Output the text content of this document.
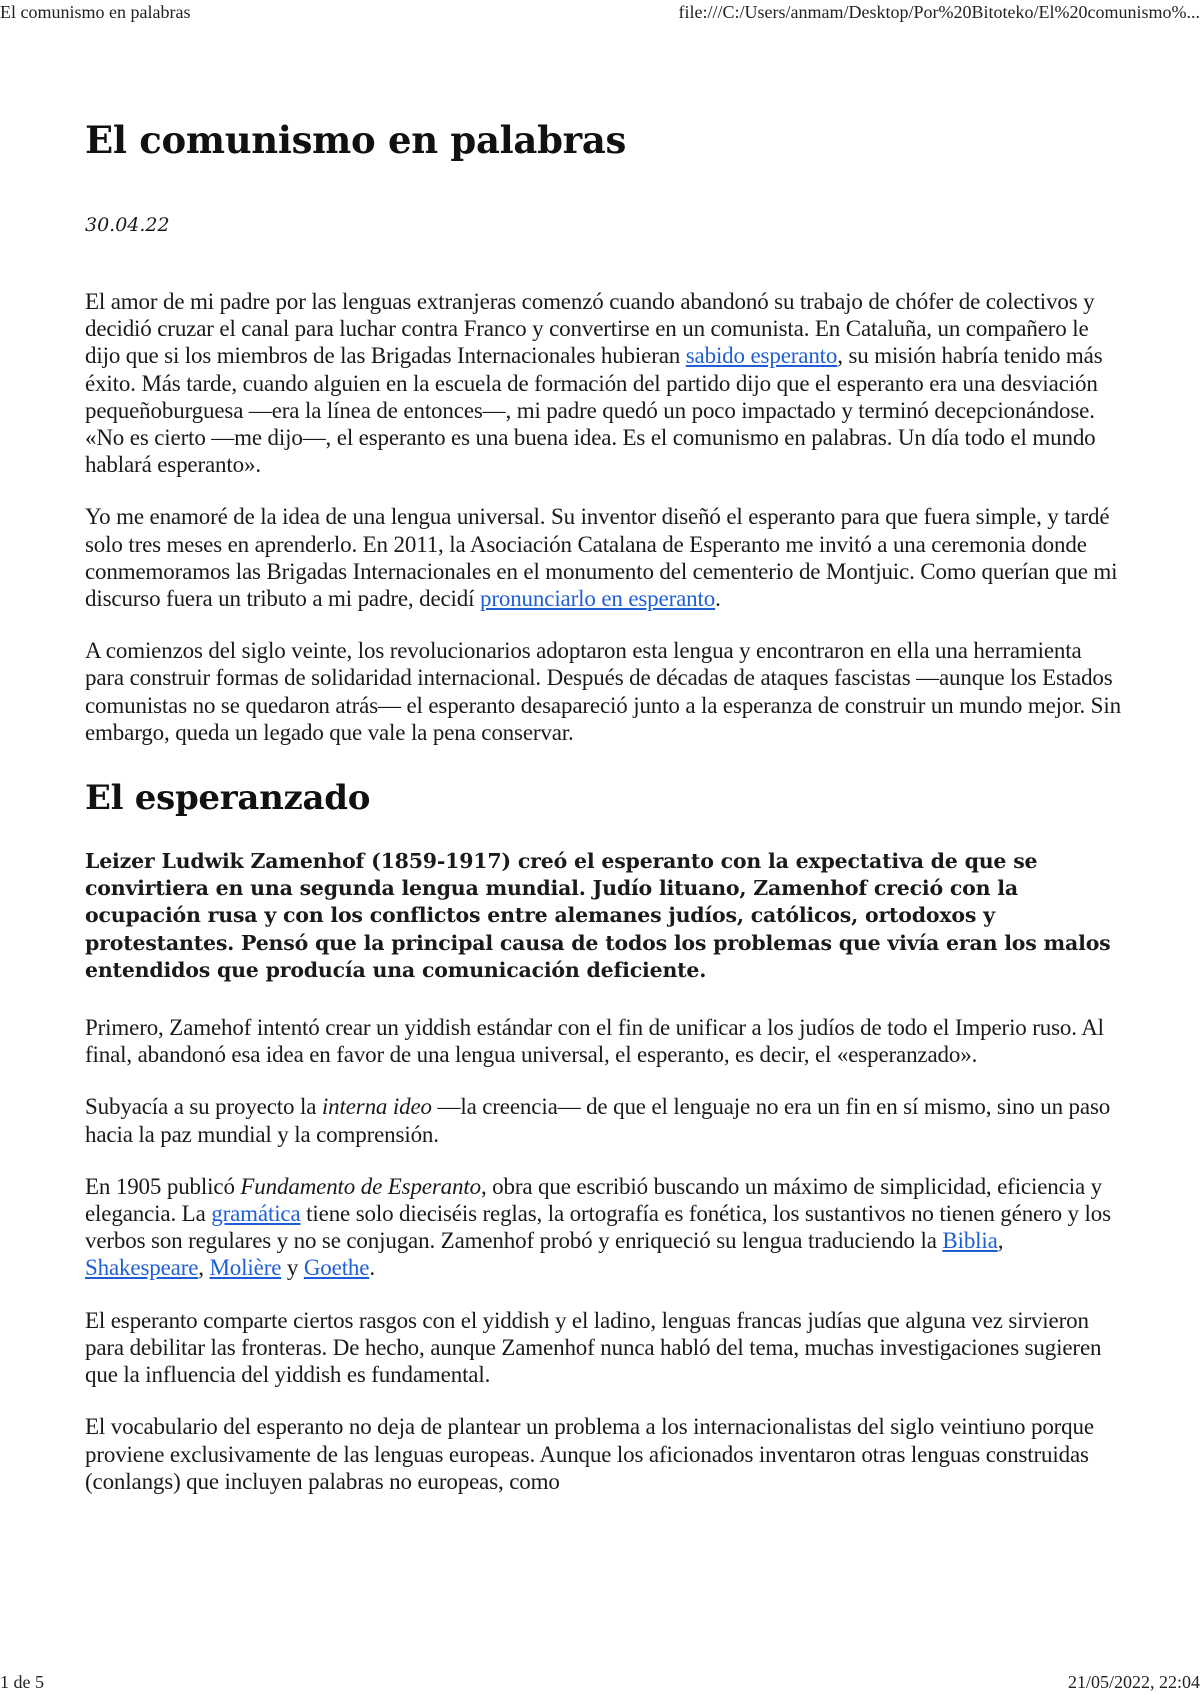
El comunismo en palabras	file:///C:/Users/anmam/Desktop/Por%20Bitoteko/El%20comunismo%...
El comunismo en palabras
30.04.22

El amor de mi padre por las lenguas extranjeras comenzó cuando abandonó su trabajo de chófer de colectivos y decidió cruzar el canal para luchar contra Franco y convertirse en un comunista. En Cataluña, un compañero le dijo que si los miembros de las Brigadas Internacionales hubieran sabido esperanto, su misión habría tenido más éxito. Más tarde, cuando alguien en la escuela de formación del partido dijo que el esperanto era una desviación pequeñoburguesa —era la línea de entonces—, mi padre quedó un poco impactado y terminó decepcionándose. «No es cierto —me dijo—, el esperanto es una buena idea. Es el comunismo en palabras. Un día todo el mundo hablará esperanto».

Yo me enamoré de la idea de una lengua universal. Su inventor diseñó el esperanto para que fuera simple, y tardé solo tres meses en aprenderlo. En 2011, la Asociación Catalana de Esperanto me invitó a una ceremonia donde conmemoramos las Brigadas Internacionales en el monumento del cementerio de Montjuic. Como querían que mi discurso fuera un tributo a mi padre, decidí pronunciarlo en esperanto.

A comienzos del siglo veinte, los revolucionarios adoptaron esta lengua y encontraron en ella una herramienta para construir formas de solidaridad internacional. Después de décadas de ataques fascistas —aunque los Estados comunistas no se quedaron atrás— el esperanto desapareció junto a la esperanza de construir un mundo mejor. Sin embargo, queda un legado que vale la pena conservar.

El esperanzado

Leizer Ludwik Zamenhof (1859-1917) creó el esperanto con la expectativa de que se convirtiera en una segunda lengua mundial. Judío lituano, Zamenhof creció con la ocupación rusa y con los conflictos entre alemanes judíos, católicos, ortodoxos y protestantes. Pensó que la principal causa de todos los problemas que vivía eran los malos entendidos que producía una comunicación deficiente.

Primero, Zamehof intentó crear un yiddish estándar con el fin de unificar a los judíos de todo el Imperio ruso. Al final, abandonó esa idea en favor de una lengua universal, el esperanto, es decir, el «esperanzado».

Subyacía a su proyecto la interna ideo —la creencia— de que el lenguaje no era un fin en sí mismo, sino un paso hacia la paz mundial y la comprensión.

En 1905 publicó Fundamento de Esperanto, obra que escribió buscando un máximo de simplicidad, eficiencia y elegancia. La gramática tiene solo dieciséis reglas, la ortografía es fonética, los sustantivos no tienen género y los verbos son regulares y no se conjugan. Zamenhof probó y enriqueció su lengua traduciendo la Biblia, Shakespeare, Molière y Goethe.

El esperanto comparte ciertos rasgos con el yiddish y el ladino, lenguas francas judías que alguna vez sirvieron para debilitar las fronteras. De hecho, aunque Zamenhof nunca habló del tema, muchas investigaciones sugieren que la influencia del yiddish es fundamental.

El vocabulario del esperanto no deja de plantear un problema a los internacionalistas del siglo veintiuno porque proviene exclusivamente de las lenguas europeas. Aunque los aficionados inventaron otras lenguas construidas (conlangs) que incluyen palabras no europeas, como

1 de 5	21/05/2022, 22:04
